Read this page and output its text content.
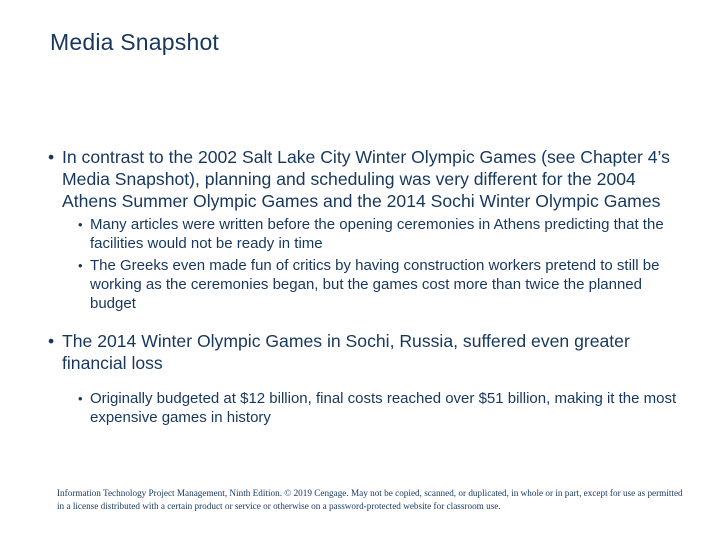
Media Snapshot

• In contrast to the 2002 Salt Lake City Winter Olympic Games (see Chapter 4’s Media Snapshot), planning and scheduling was very different for the 2004 Athens Summer Olympic Games and the 2014 Sochi Winter Olympic Games

• Many articles were written before the opening ceremonies in Athens predicting that the facilities would not be ready in time

• The Greeks even made fun of critics by having construction workers pretend to still be working as the ceremonies began, but the games cost more than twice the planned budget

• The 2014 Winter Olympic Games in Sochi, Russia, suffered even greater financial loss

• Originally budgeted at $12 billion, final costs reached over $51 billion, making it the most expensive games in history

Information Technology Project Management, Ninth Edition. © 2019 Cengage. May not be copied, scanned, or duplicated, in whole or in part, except for use as permitted in a license distributed with a certain product or service or otherwise on a password-protected website for classroom use.
